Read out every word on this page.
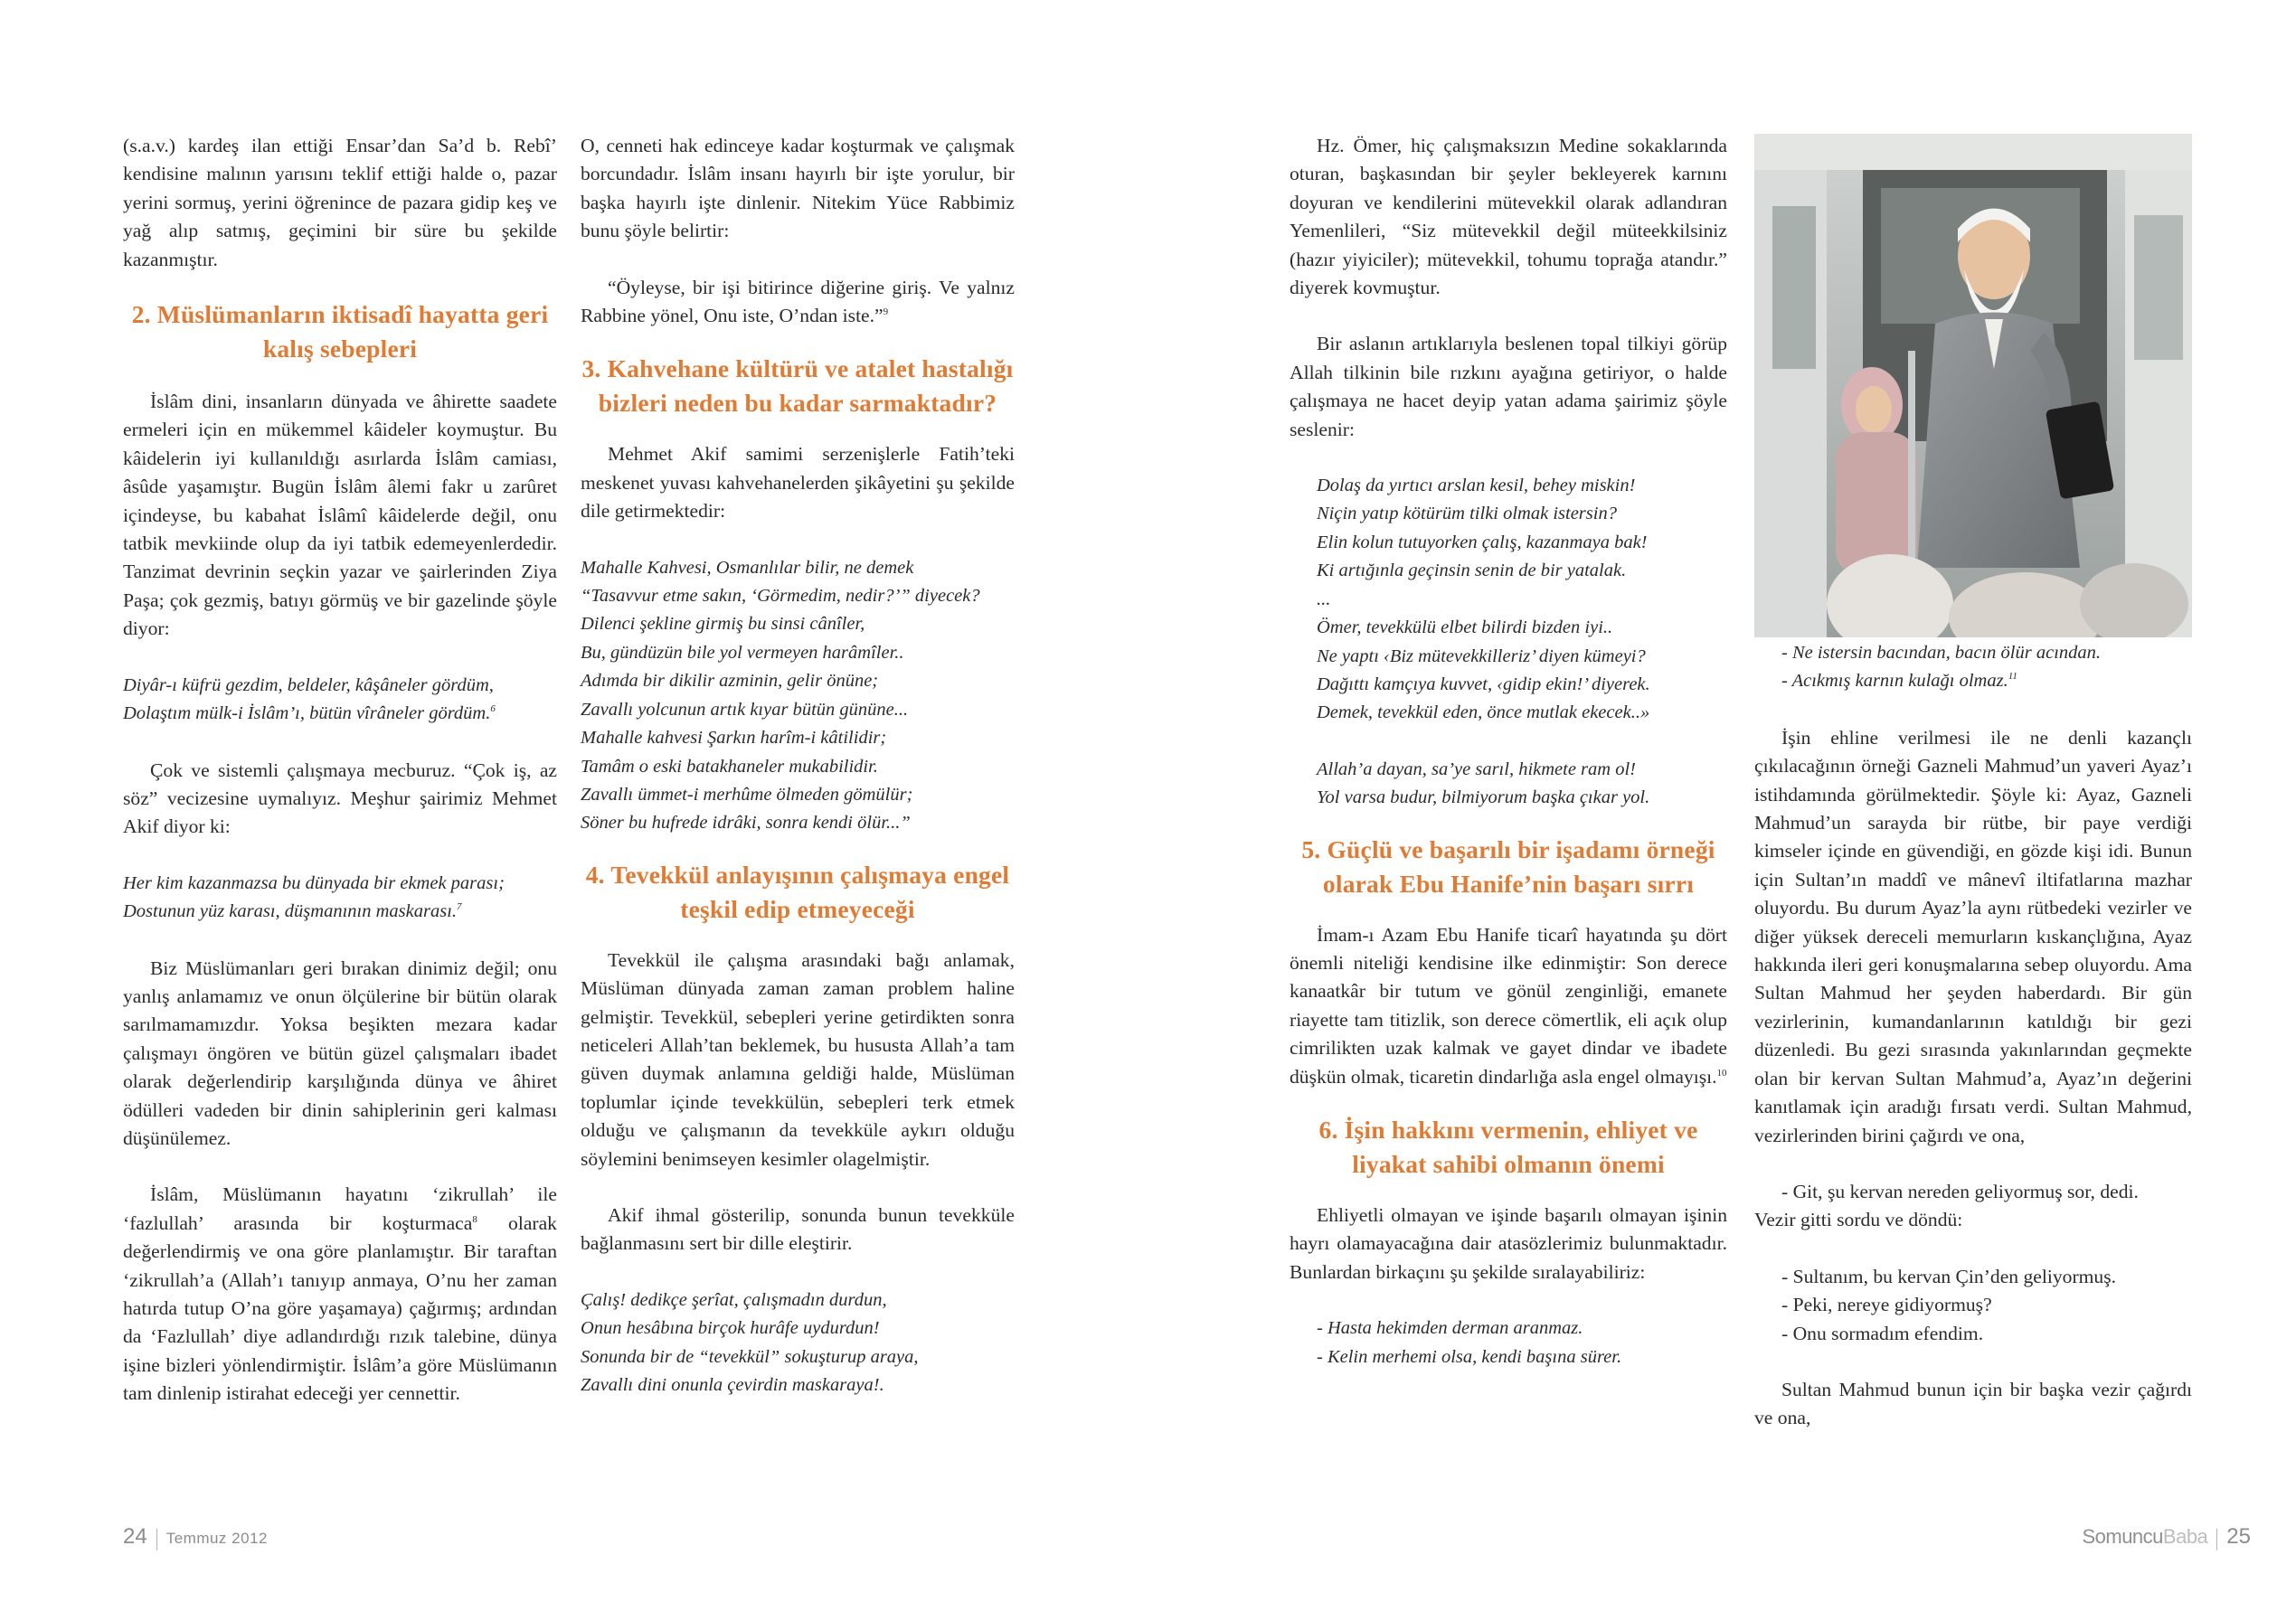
(s.a.v.) kardeş ilan ettiği Ensar’dan Sa’d b. Rebî’ kendisine malının yarısını teklif ettiği halde o, pazar yerini sormuş, yerini öğrenince de pazara gidip keş ve yağ alıp satmış, geçimini bir süre bu şekilde kazanmıştır.

2. Müslümanların iktisadî hayatta geri kalış sebepleri

İslâm dini, insanların dünyada ve âhirette saadete ermeleri için en mükemmel kâideler koymuştur. Bu kâidelerin iyi kullanıldığı asırlarda İslâm camiası, âsûde yaşamıştır. Bugün İslâm âlemi fakr u zarûret içindeyse, bu kabahat İslâmî kâidelerde değil, onu tatbik mevkiinde olup da iyi tatbik edemeyenlerdedir. Tanzimat devrinin seçkin yazar ve şairlerinden Ziya Paşa; çok gezmiş, batıyı görmüş ve bir gazelinde şöyle diyor:

Diyâr-ı küfrü gezdim, beldeler, kâşâneler gördüm,
Dolaştım mülk-i İslâm’ı, bütün vîrâneler gördüm.$^6$

Çok ve sistemli çalışmaya mecburuz. “Çok iş, az söz” vecizesine uymalıyız. Meşhur şairimiz Mehmet Akif diyor ki:

Her kim kazanmazsa bu dünyada bir ekmek parası;
Dostunun yüz karası, düşmanının maskarası.$^7$

Biz Müslümanları geri bırakan dinimiz değil; onu yanlış anlamamız ve onun ölçülerine bir bütün olarak sarılmamamızdır. Yoksa beşikten mezara kadar çalışmayı öngören ve bütün güzel çalışmaları ibadet olarak değerlendirip karşılığında dünya ve âhiret ödülleri vadeden bir dinin sahiplerinin geri kalması düşünülemez.

İslâm, Müslümanın hayatını ‘zikrullah’ ile ‘fazlullah’ arasında bir koşturmaca$^8$ olarak değerlendirmiş ve ona göre planlamıştır. Bir taraftan ‘zikrullah’a (Allah’ı tanıyıp anmaya, O’nu her zaman hatırda tutup O’na göre yaşamaya) çağırmış; ardından da ‘Fazlullah’ diye adlandırdığı rızık talebine, dünya işine bizleri yönlendirmiştir. İslâm’a göre Müslümanın tam dinlenip istirahat edeceği yer cennettir.

O, cenneti hak edinceye kadar koşturmak ve çalışmak borcundadır. İslâm insanı hayırlı bir işte yorulur, bir başka hayırlı işte dinlenir. Nitekim Yüce Rabbimiz bunu şöyle belirtir:

“Öyleyse, bir işi bitirince diğerine giriş. Ve yalnız Rabbine yönel, Onu iste, O’ndan iste.”$^9$

3. Kahvehane kültürü ve atalet hastalığı bizleri neden bu kadar sarmaktadır?

Mehmet Akif samimi serzenişlerle Fatih’teki meskenet yuvası kahvehanelerden şikâyetini şu şekilde dile getirmektedir:

Mahalle Kahvesi, Osmanlılar bilir, ne demek
“Tasavvur etme sakın, ‘Görmedim, nedir?’” diyecek?
Dilenci şekline girmiş bu sinsi cânîler,
Bu, gündüzün bile yol vermeyen harâmîler..
Adımda bir dikilir azminin, gelir önüne;
Zavallı yolcunun artık kıyar bütün gününe...
Mahalle kahvesi Şarkın harîm-i kâtilidir;
Tamâm o eski batakhaneler mukabilidir.
Zavallı ümmet-i merhûme ölmeden gömülür;
Söner bu hufrede idrâki, sonra kendi ölür...”
4. Tevekkül anlayışının çalışmaya engel teşkil edip etmeyeceği

Tevekkül ile çalışma arasındaki bağı anlamak, Müslüman dünyada zaman zaman problem haline gelmiştir. Tevekkül, sebepleri yerine getirdikten sonra neticeleri Allah’tan beklemek, bu hususta Allah’a tam güven duymak anlamına geldiği halde, Müslüman toplumlar içinde tevekkülün, sebepleri terk etmek olduğu ve çalışmanın da tevekküle aykırı olduğu söylemini benimseyen kesimler olagelmiştir.

Akif ihmal gösterilip, sonunda bunun tevekküle bağlanmasını sert bir dille eleştirir.

Çalış! dedikçe şerîat, çalışmadın durdun,
Onun hesâbına birçok hurâfe uydurdun!
Sonunda bir de “tevekkül” sokuşturup araya,
Zavallı dini onunla çevirdin maskaraya!.
24 Temmuz 2012

Hz. Ömer, hiç çalışmaksızın Medine sokaklarında oturan, başkasından bir şeyler bekleyerek karnını doyuran ve kendilerini mütevekkil olarak adlandıran Yemenlileri, “Siz mütevekkil değil müteekkilsiniz (hazır yiyiciler); mütevekkil, tohumu toprağa atandır.” diyerek kovmuştur.

Bir aslanın artıklarıyla beslenen topal tilkiyi görüp Allah tilkinin bile rızkını ayağına getiriyor, o halde çalışmaya ne hacet deyip yatan adama şairimiz şöyle seslenir:

Dolaş da yırtıcı arslan kesil, behey miskin!
Niçin yatıp kötürüm tilki olmak istersin?
Elin kolun tutuyorken çalış, kazanmaya bak!
Ki artığınla geçinsin senin de bir yatalak.
...
Ömer, tevekkülü elbet bilirdi bizden iyi..
Ne yaptı ‹Biz mütevekkilleriz’ diyen kümeyi?
Dağıttı kamçıya kuvvet, ‹gidip ekin!’ diyerek.
Demek, tevekkül eden, önce mutlak ekecek..»
Allah’a dayan, sa’ye sarıl, hikmete ram ol!
Yol varsa budur, bilmiyorum başka çıkar yol.
5. Güçlü ve başarılı bir işadamı örneği olarak Ebu Hanife’nin başarı sırrı

İmam-ı Azam Ebu Hanife ticarî hayatında şu dört önemli niteliği kendisine ilke edinmiştir: Son derece kanaatkâr bir tutum ve gönül zenginliği, emanete riayette tam titizlik, son derece cömertlik, eli açık olup cimrilikten uzak kalmak ve gayet dindar ve ibadete düşkün olmak, ticaretin dindarlığa asla engel olmayışı.$^{10}$

6. İşin hakkını vermenin, ehliyet ve liyakat sahibi olmanın önemi

Ehliyetli olmayan ve işinde başarılı olmayan işinin hayrı olamayacağına dair atasözlerimiz bulunmaktadır. Bunlardan birkaçını şu şekilde sıralayabiliriz:

- Hasta hekimden derman aranmaz.
- Kelin merhemi olsa, kendi başına sürer.
- Ne istersin bacından, bacın ölür acından.
- Acıkmış karnın kulağı olmaz.$^{11}$

İşin ehline verilmesi ile ne denli kazançlı çıkılacağının örneği Gazneli Mahmud’un yaveri Ayaz’ı istihdamında görülmektedir. Şöyle ki: Ayaz, Gazneli Mahmud’un sarayda bir rütbe, bir paye verdiği kimseler içinde en güvendiği, en gözde kişi idi. Bunun için Sultan’ın maddî ve mânevî iltifatlarına mazhar oluyordu. Bu durum Ayaz’la aynı rütbedeki vezirler ve diğer yüksek dereceli memurların kıskançlığına, Ayaz hakkında ileri geri konuşmalarına sebep oluyordu. Ama Sultan Mahmud her şeyden haberdardı. Bir gün vezirlerinin, kumandanlarının katıldığı bir gezi düzenledi. Bu gezi sırasında yakınlarından geçmekte olan bir kervan Sultan Mahmud’a, Ayaz’ın değerini kanıtlamak için aradığı fırsatı verdi. Sultan Mahmud, vezirlerinden birini çağırdı ve ona,

- Git, şu kervan nereden geliyormuş sor, dedi.

Vezir gitti sordu ve döndü:

- Sultanım, bu kervan Çin’den geliyormuş.

- Peki, nereye gidiyormuş?

- Onu sormadım efendim.

Sultan Mahmud bunun için bir başka vezir çağırdı ve ona,

SomuncuBaba 25
